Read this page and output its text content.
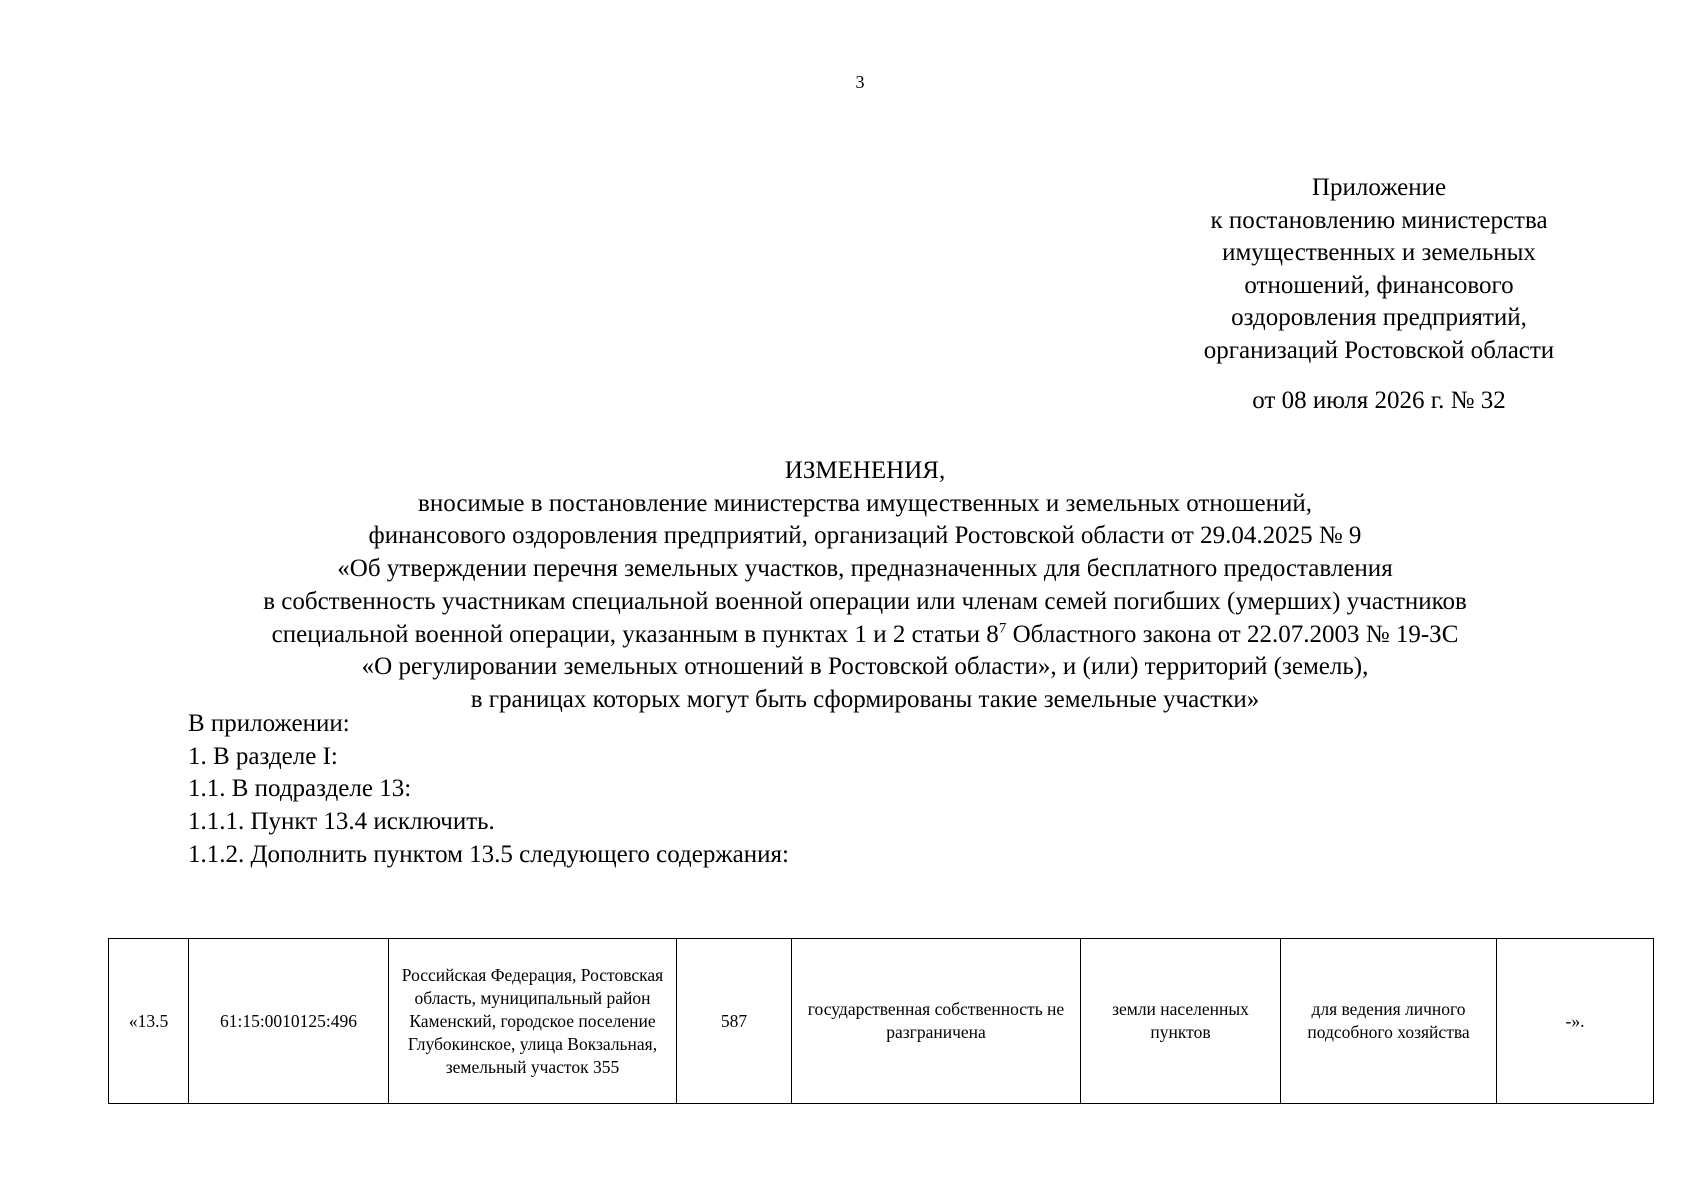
3
Приложение
к постановлению министерства
имущественных и земельных
отношений, финансового
оздоровления предприятий,
организаций Ростовской области
от 08 июля 2026 г. № 32
ИЗМЕНЕНИЯ,
вносимые в постановление министерства имущественных и земельных отношений,
финансового оздоровления предприятий, организаций Ростовской области от 29.04.2025 № 9
«Об утверждении перечня земельных участков, предназначенных для бесплатного предоставления
в собственность участникам специальной военной операции или членам семей погибших (умерших) участников
специальной военной операции, указанным в пунктах 1 и 2 статьи $8^7$ Областного закона от 22.07.2003 № 19-ЗС
«О регулировании земельных отношений в Ростовской области», и (или) территорий (земель),
в границах которых могут быть сформированы такие земельные участки»
В приложении:
1. В разделе I:
1.1. В подразделе 13:
1.1.1. Пункт 13.4 исключить.
1.1.2. Дополнить пунктом 13.5 следующего содержания:
«13.5	61:15:0010125:496	Российская Федерация, Ростовская область, муниципальный район Каменский, городское поселение Глубокинское, улица Вокзальная, земельный участок 355	587	государственная собственность не разграничена	земли населенных пунктов	для ведения личного подсобного хозяйства	-».
